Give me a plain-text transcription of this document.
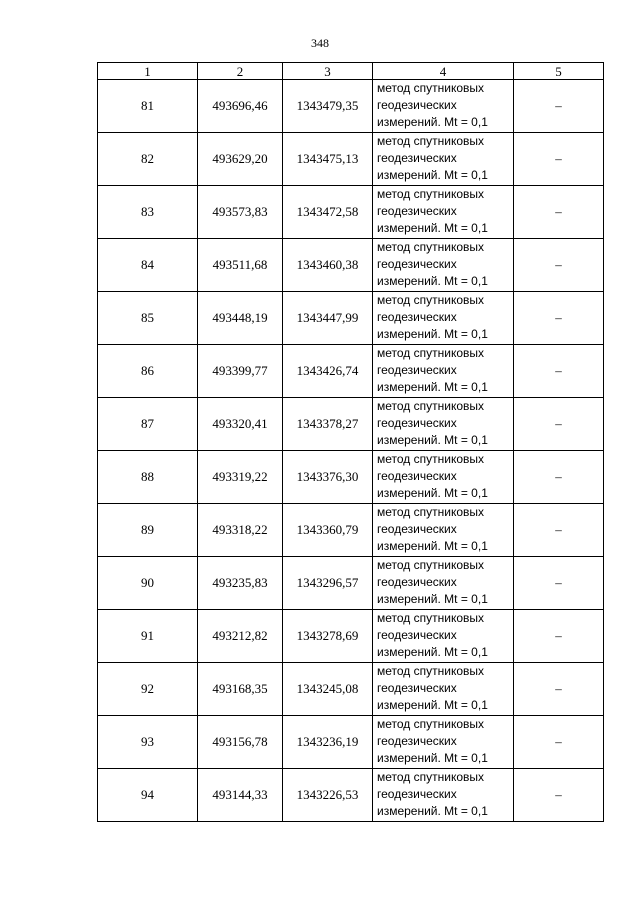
348
1	2	3	4	5
81	493696,46	1343479,35	метод спутниковых
геодезических
измерений. Mt = 0,1	–
82	493629,20	1343475,13	метод спутниковых
геодезических
измерений. Mt = 0,1	–
83	493573,83	1343472,58	метод спутниковых
геодезических
измерений. Mt = 0,1	–
84	493511,68	1343460,38	метод спутниковых
геодезических
измерений. Mt = 0,1	–
85	493448,19	1343447,99	метод спутниковых
геодезических
измерений. Mt = 0,1	–
86	493399,77	1343426,74	метод спутниковых
геодезических
измерений. Mt = 0,1	–
87	493320,41	1343378,27	метод спутниковых
геодезических
измерений. Mt = 0,1	–
88	493319,22	1343376,30	метод спутниковых
геодезических
измерений. Mt = 0,1	–
89	493318,22	1343360,79	метод спутниковых
геодезических
измерений. Mt = 0,1	–
90	493235,83	1343296,57	метод спутниковых
геодезических
измерений. Mt = 0,1	–
91	493212,82	1343278,69	метод спутниковых
геодезических
измерений. Mt = 0,1	–
92	493168,35	1343245,08	метод спутниковых
геодезических
измерений. Mt = 0,1	–
93	493156,78	1343236,19	метод спутниковых
геодезических
измерений. Mt = 0,1	–
94	493144,33	1343226,53	метод спутниковых
геодезических
измерений. Mt = 0,1	–
